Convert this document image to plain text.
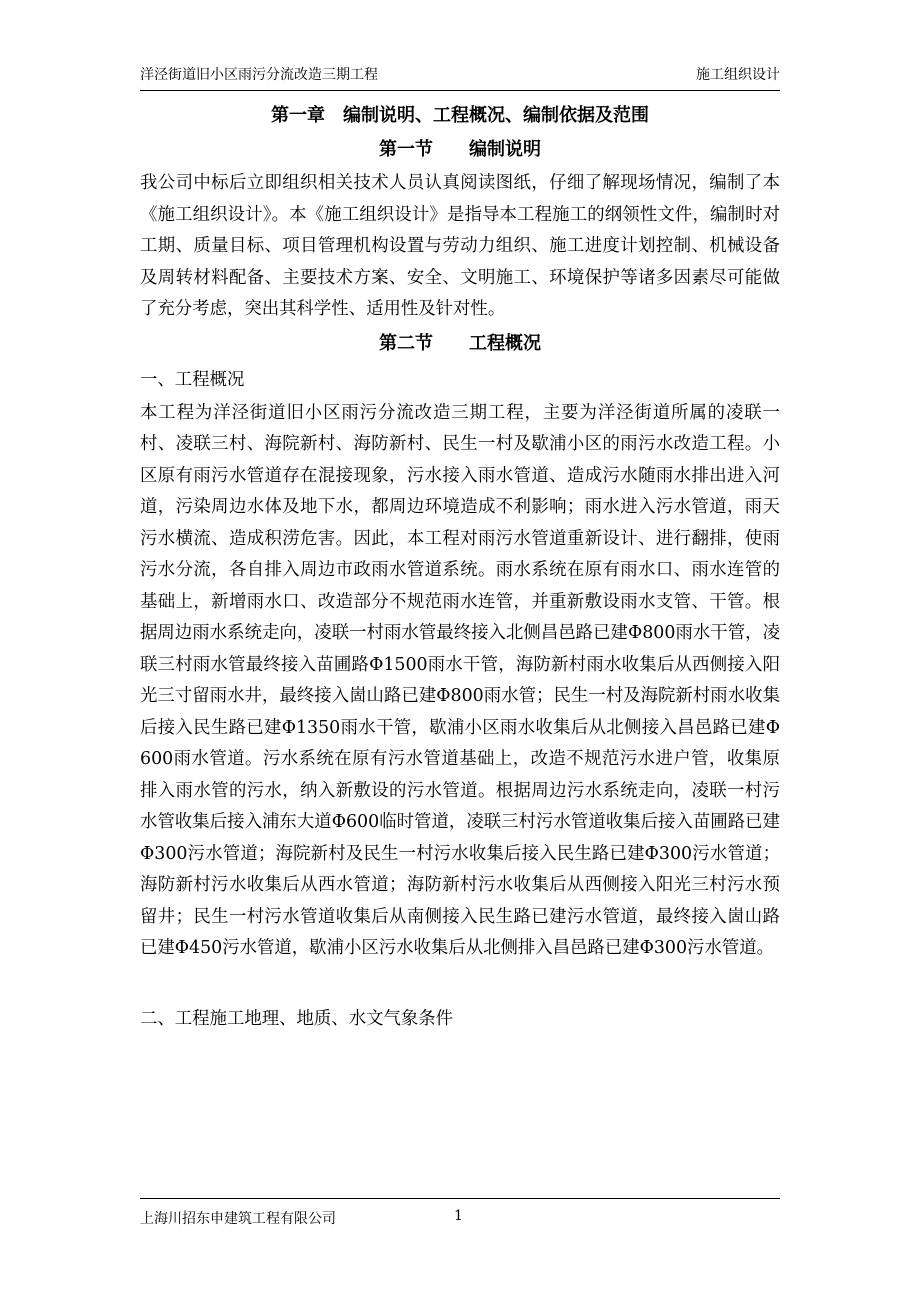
洋泾街道旧小区雨污分流改造三期工程	施工组织设计

第一章　编制说明、工程概况、编制依据及范围

第一节　　编制说明

我公司中标后立即组织相关技术人员认真阅读图纸，仔细了解现场情况，编制了本《施工组织设计》。本《施工组织设计》是指导本工程施工的纲领性文件，编制时对工期、质量目标、项目管理机构设置与劳动力组织、施工进度计划控制、机械设备及周转材料配备、主要技术方案、安全、文明施工、环境保护等诸多因素尽可能做了充分考虑，突出其科学性、适用性及针对性。

第二节　　工程概况

一、工程概况

本工程为洋泾街道旧小区雨污分流改造三期工程，主要为洋泾街道所属的凌联一村、凌联三村、海院新村、海防新村、民生一村及歇浦小区的雨污水改造工程。小区原有雨污水管道存在混接现象，污水接入雨水管道、造成污水随雨水排出进入河道，污染周边水体及地下水，都周边环境造成不利影响；雨水进入污水管道，雨天污水横流、造成积涝危害。因此，本工程对雨污水管道重新设计、进行翻排，使雨污水分流，各自排入周边市政雨水管道系统。雨水系统在原有雨水口、雨水连管的基础上，新增雨水口、改造部分不规范雨水连管，并重新敷设雨水支管、干管。根据周边雨水系统走向，凌联一村雨水管最终接入北侧昌邑路已建Φ800雨水干管，凌联三村雨水管最终接入苗圃路Φ1500雨水干管，海防新村雨水收集后从西侧接入阳光三寸留雨水井，最终接入崮山路已建Φ800雨水管；民生一村及海院新村雨水收集后接入民生路已建Φ1350雨水干管，歇浦小区雨水收集后从北侧接入昌邑路已建Φ600雨水管道。污水系统在原有污水管道基础上，改造不规范污水进户管，收集原排入雨水管的污水，纳入新敷设的污水管道。根据周边污水系统走向，凌联一村污水管收集后接入浦东大道Φ600临时管道，凌联三村污水管道收集后接入苗圃路已建Φ300污水管道；海院新村及民生一村污水收集后接入民生路已建Φ300污水管道；海防新村污水收集后从西水管道；海防新村污水收集后从西侧接入阳光三村污水预留井；民生一村污水管道收集后从南侧接入民生路已建污水管道，最终接入崮山路已建Φ450污水管道，歇浦小区污水收集后从北侧排入昌邑路已建Φ300污水管道。

二、工程施工地理、地质、水文气象条件

上海川招东申建筑工程有限公司	1
